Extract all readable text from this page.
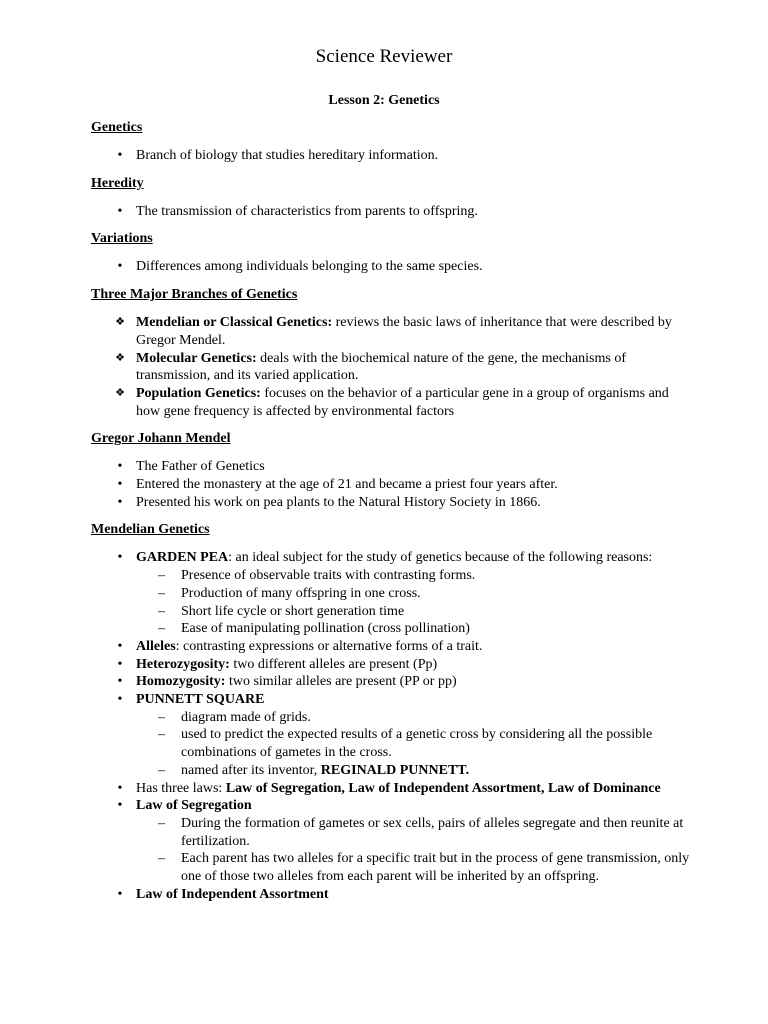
Science Reviewer
Lesson 2: Genetics
Genetics
• Branch of biology that studies hereditary information.
Heredity
• The transmission of characteristics from parents to offspring.
Variations
• Differences among individuals belonging to the same species.
Three Major Branches of Genetics
❖ Mendelian or Classical Genetics: reviews the basic laws of inheritance that were described by Gregor Mendel.
❖ Molecular Genetics: deals with the biochemical nature of the gene, the mechanisms of transmission, and its varied application.
❖ Population Genetics: focuses on the behavior of a particular gene in a group of organisms and how gene frequency is affected by environmental factors
Gregor Johann Mendel
• The Father of Genetics
• Entered the monastery at the age of 21 and became a priest four years after.
• Presented his work on pea plants to the Natural History Society in 1866.
Mendelian Genetics
• GARDEN PEA: an ideal subject for the study of genetics because of the following reasons:
– Presence of observable traits with contrasting forms.
– Production of many offspring in one cross.
– Short life cycle or short generation time
– Ease of manipulating pollination (cross pollination)
• Alleles: contrasting expressions or alternative forms of a trait.
• Heterozygosity: two different alleles are present (Pp)
• Homozygosity: two similar alleles are present (PP or pp)
• PUNNETT SQUARE
– diagram made of grids.
– used to predict the expected results of a genetic cross by considering all the possible combinations of gametes in the cross.
– named after its inventor, REGINALD PUNNETT.
• Has three laws: Law of Segregation, Law of Independent Assortment, Law of Dominance
• Law of Segregation
– During the formation of gametes or sex cells, pairs of alleles segregate and then reunite at fertilization.
– Each parent has two alleles for a specific trait but in the process of gene transmission, only one of those two alleles from each parent will be inherited by an offspring.
• Law of Independent Assortment
